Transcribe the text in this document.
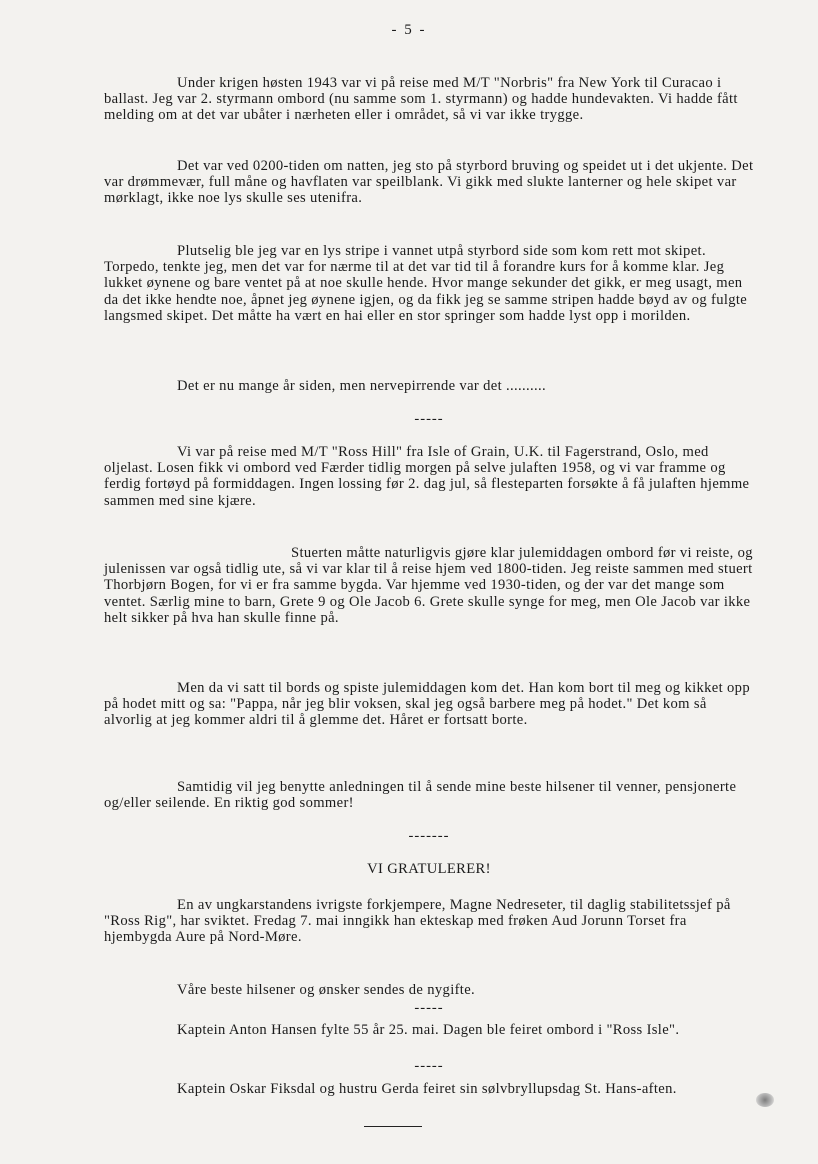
- 5 -

Under krigen høsten 1943 var vi på reise med M/T "Norbris" fra New York til Curacao i ballast. Jeg var 2. styrmann ombord (nu samme som 1. styrmann) og hadde hundevakten. Vi hadde fått melding om at det var ubåter i nærheten eller i området, så vi var ikke trygge.

Det var ved 0200-tiden om natten, jeg sto på styrbord bruving og speidet ut i det ukjente. Det var drømmevær, full måne og havflaten var speilblank. Vi gikk med slukte lanterner og hele skipet var mørklagt, ikke noe lys skulle ses utenifra.

Plutselig ble jeg var en lys stripe i vannet utpå styrbord side som kom rett mot skipet. Torpedo, tenkte jeg, men det var for nærme til at det var tid til å forandre kurs for å komme klar. Jeg lukket øynene og bare ventet på at noe skulle hende. Hvor mange sekunder det gikk, er meg usagt, men da det ikke hendte noe, åpnet jeg øynene igjen, og da fikk jeg se samme stripen hadde bøyd av og fulgte langsmed skipet. Det måtte ha vært en hai eller en stor springer som hadde lyst opp i morilden.

Det er nu mange år siden, men nervepirrende var det ..........

-----

Vi var på reise med M/T "Ross Hill" fra Isle of Grain, U.K. til Fagerstrand, Oslo, med oljelast. Losen fikk vi ombord ved Færder tidlig morgen på selve julaften 1958, og vi var framme og ferdig fortøyd på formiddagen. Ingen lossing før 2. dag jul, så flesteparten forsøkte å få julaften hjemme sammen med sine kjære.

Stuerten måtte naturligvis gjøre klar julemiddagen ombord før vi reiste, og julenissen var også tidlig ute, så vi var klar til å reise hjem ved 1800-tiden. Jeg reiste sammen med stuert Thorbjørn Bogen, for vi er fra samme bygda. Var hjemme ved 1930-tiden, og der var det mange som ventet. Særlig mine to barn, Grete 9 og Ole Jacob 6. Grete skulle synge for meg, men Ole Jacob var ikke helt sikker på hva han skulle finne på.

Men da vi satt til bords og spiste julemiddagen kom det. Han kom bort til meg og kikket opp på hodet mitt og sa: "Pappa, når jeg blir voksen, skal jeg også barbere meg på hodet." Det kom så alvorlig at jeg kommer aldri til å glemme det. Håret er fortsatt borte.

Samtidig vil jeg benytte anledningen til å sende mine beste hilsener til venner, pensjonerte og/eller seilende. En riktig god sommer!

-------
VI GRATULERER!

En av ungkarstandens ivrigste forkjempere, Magne Nedreseter, til daglig stabilitetssjef på "Ross Rig", har sviktet. Fredag 7. mai inngikk han ekteskap med frøken Aud Jorunn Torset fra hjembygda Aure på Nord-Møre.

Våre beste hilsener og ønsker sendes de nygifte.

-----

Kaptein Anton Hansen fylte 55 år 25. mai. Dagen ble feiret ombord i "Ross Isle".

-----

Kaptein Oskar Fiksdal og hustru Gerda feiret sin sølvbryllupsdag St. Hans-aften.
